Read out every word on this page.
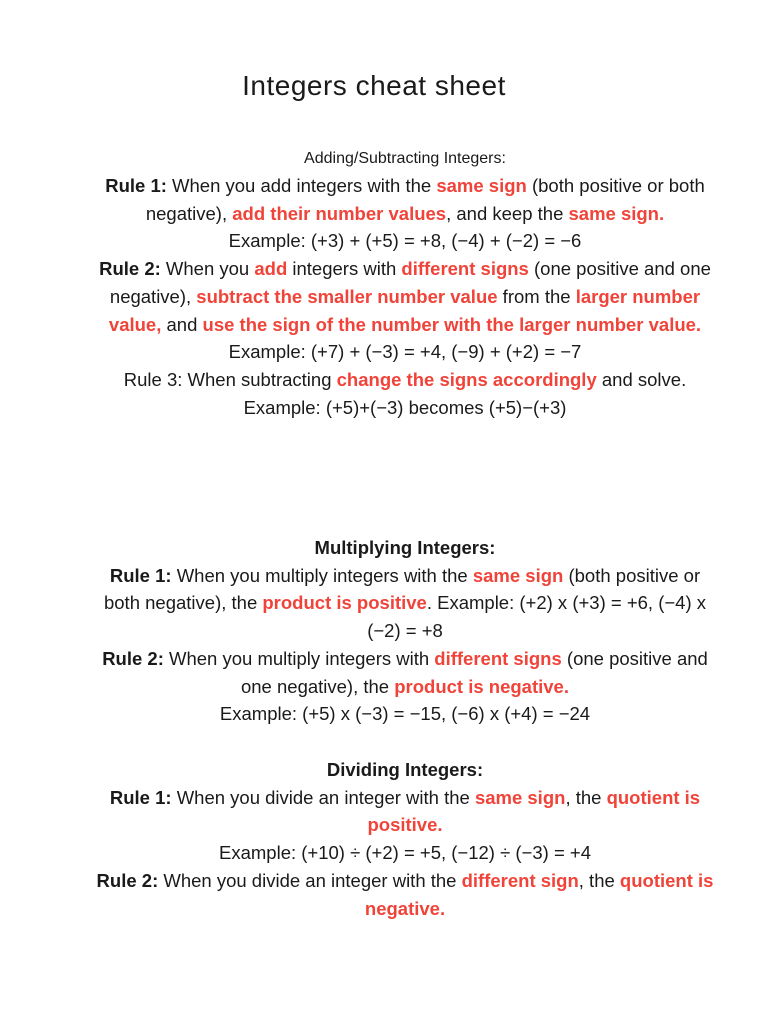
Integers cheat sheet

Adding/Subtracting Integers:

Rule 1: When you add integers with the same sign (both positive or both negative), add their number values, and keep the same sign.

Example: (+3) + (+5) = +8, (−4) + (−2) = −6

Rule 2: When you add integers with different signs (one positive and one negative), subtract the smaller number value from the larger number value, and use the sign of the number with the larger number value.

Example: (+7) + (−3) = +4, (−9) + (+2) = −7

Rule 3: When subtracting change the signs accordingly and solve.

Example: (+5)+(−3) becomes (+5)−(+3)

Multiplying Integers:

Rule 1: When you multiply integers with the same sign (both positive or both negative), the product is positive. Example: (+2) x (+3) = +6, (−4) x (−2) = +8

Rule 2: When you multiply integers with different signs (one positive and one negative), the product is negative.

Example: (+5) x (−3) = −15, (−6) x (+4) = −24

Dividing Integers:

Rule 1: When you divide an integer with the same sign, the quotient is positive.

Example: (+10) ÷ (+2) = +5, (−12) ÷ (−3) = +4

Rule 2: When you divide an integer with the different sign, the quotient is negative.
